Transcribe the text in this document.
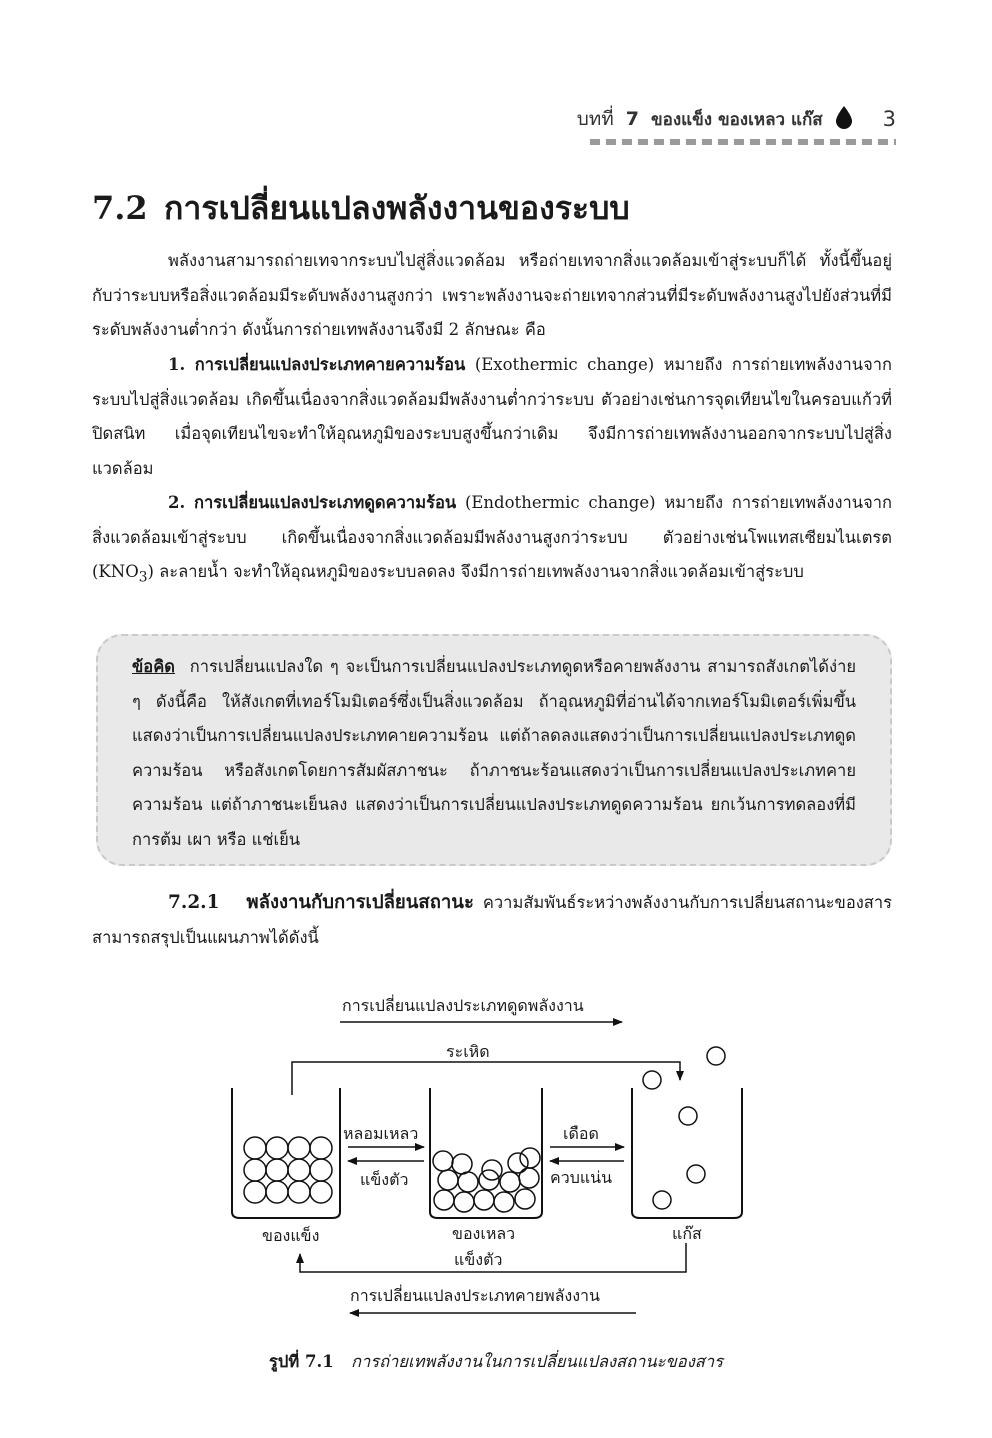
บทที่ 7 ของแข็ง ของเหลว แก๊ส	3
7.2 การเปลี่ยนแปลงพลังงานของระบบ
พลังงานสามารถถ่ายเทจากระบบไปสู่สิ่งแวดล้อม หรือถ่ายเทจากสิ่งแวดล้อมเข้าสู่ระบบก็ได้ ทั้งนี้ขึ้นอยู่กับว่าระบบหรือสิ่งแวดล้อมมีระดับพลังงานสูงกว่า เพราะพลังงานจะถ่ายเทจากส่วนที่มีระดับพลังงานสูงไปยังส่วนที่มีระดับพลังงานต่ำกว่า ดังนั้นการถ่ายเทพลังงานจึงมี 2 ลักษณะ คือ
1. การเปลี่ยนแปลงประเภทคายความร้อน (Exothermic change) หมายถึง การถ่ายเทพลังงานจากระบบไปสู่สิ่งแวดล้อม เกิดขึ้นเนื่องจากสิ่งแวดล้อมมีพลังงานต่ำกว่าระบบ ตัวอย่างเช่นการจุดเทียนไขในครอบแก้วที่ปิดสนิท เมื่อจุดเทียนไขจะทำให้อุณหภูมิของระบบสูงขึ้นกว่าเดิม จึงมีการถ่ายเทพลังงานออกจากระบบไปสู่สิ่งแวดล้อม
2. การเปลี่ยนแปลงประเภทดูดความร้อน (Endothermic change) หมายถึง การถ่ายเทพลังงานจากสิ่งแวดล้อมเข้าสู่ระบบ เกิดขึ้นเนื่องจากสิ่งแวดล้อมมีพลังงานสูงกว่าระบบ ตัวอย่างเช่นโพแทสเซียมไนเตรต $(KNO_3)$ ละลายน้ำ จะทำให้อุณหภูมิของระบบลดลง จึงมีการถ่ายเทพลังงานจากสิ่งแวดล้อมเข้าสู่ระบบ
ข้อคิด การเปลี่ยนแปลงใด ๆ จะเป็นการเปลี่ยนแปลงประเภทดูดหรือคายพลังงาน สามารถสังเกตได้ง่าย ๆ ดังนี้คือ ให้สังเกตที่เทอร์โมมิเตอร์ซึ่งเป็นสิ่งแวดล้อม ถ้าอุณหภูมิที่อ่านได้จากเทอร์โมมิเตอร์เพิ่มขึ้น แสดงว่าเป็นการเปลี่ยนแปลงประเภทคายความร้อน แต่ถ้าลดลงแสดงว่าเป็นการเปลี่ยนแปลงประเภทดูดความร้อน หรือสังเกตโดยการสัมผัสภาชนะ ถ้าภาชนะร้อนแสดงว่าเป็นการเปลี่ยนแปลงประเภทคายความร้อน แต่ถ้าภาชนะเย็นลง แสดงว่าเป็นการเปลี่ยนแปลงประเภทดูดความร้อน ยกเว้นการทดลองที่มีการต้ม เผา หรือ แช่เย็น
7.2.1 พลังงานกับการเปลี่ยนสถานะ ความสัมพันธ์ระหว่างพลังงานกับการเปลี่ยนสถานะของสารสามารถสรุปเป็นแผนภาพได้ดังนี้
การเปลี่ยนแปลงประเภทดูดพลังงาน
ระเหิด
หลอมเหลว
แข็งตัว
เดือด
ควบแน่น
ของแข็ง	ของเหลว	แก๊ส
แข็งตัว
การเปลี่ยนแปลงประเภทคายพลังงาน
รูปที่ 7.1 การถ่ายเทพลังงานในการเปลี่ยนแปลงสถานะของสาร
